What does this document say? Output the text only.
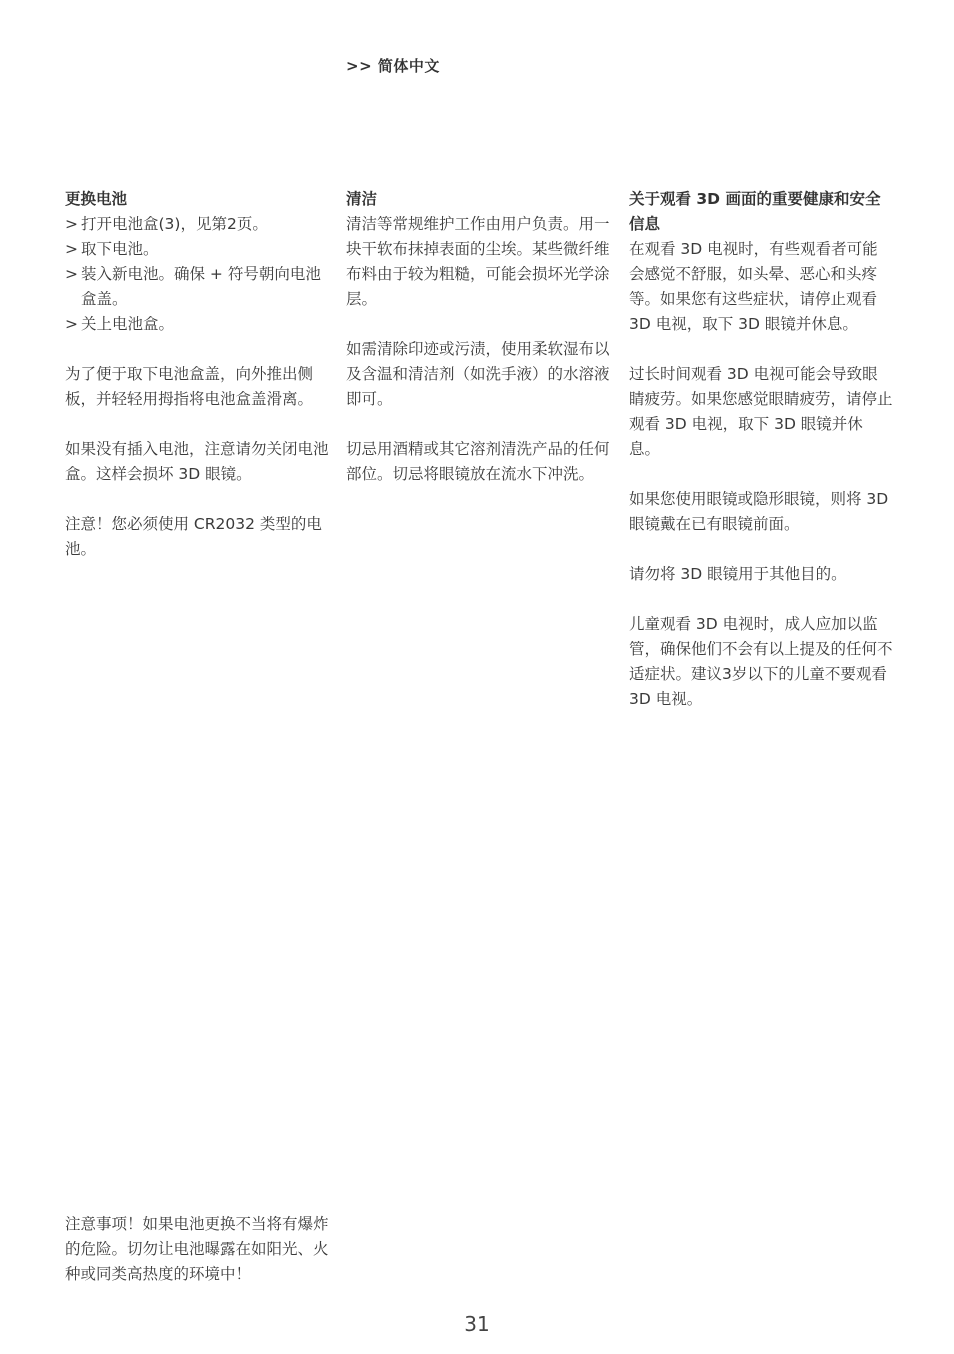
>> 简体中文

更换电池

> 打开电池盒(3)，见第2页。
> 取下电池。
> 装入新电池。确保 + 符号朝向电池盒盖。
> 关上电池盒。

为了便于取下电池盒盖，向外推出侧板，并轻轻用拇指将电池盒盖滑离。

如果没有插入电池，注意请勿关闭电池盒。这样会损坏 3D 眼镜。

注意！您必须使用 CR2032 类型的电池。

清洁

清洁等常规维护工作由用户负责。用一块干软布抹掉表面的尘埃。某些微纤维布料由于较为粗糙，可能会损坏光学涂层。

如需清除印迹或污渍，使用柔软湿布以及含温和清洁剂（如洗手液）的水溶液即可。

切忌用酒精或其它溶剂清洗产品的任何部位。切忌将眼镜放在流水下冲洗。

关于观看 3D 画面的重要健康和安全信息

在观看 3D 电视时，有些观看者可能会感觉不舒服，如头晕、恶心和头疼等。如果您有这些症状，请停止观看 3D 电视，取下 3D 眼镜并休息。

过长时间观看 3D 电视可能会导致眼睛疲劳。如果您感觉眼睛疲劳，请停止观看 3D 电视，取下 3D 眼镜并休息。

如果您使用眼镜或隐形眼镜，则将 3D 眼镜戴在已有眼镜前面。

请勿将 3D 眼镜用于其他目的。

儿童观看 3D 电视时，成人应加以监管，确保他们不会有以上提及的任何不适症状。建议3岁以下的儿童不要观看 3D 电视。

注意事项！如果电池更换不当将有爆炸的危险。切勿让电池曝露在如阳光、火种或同类高热度的环境中！

31
